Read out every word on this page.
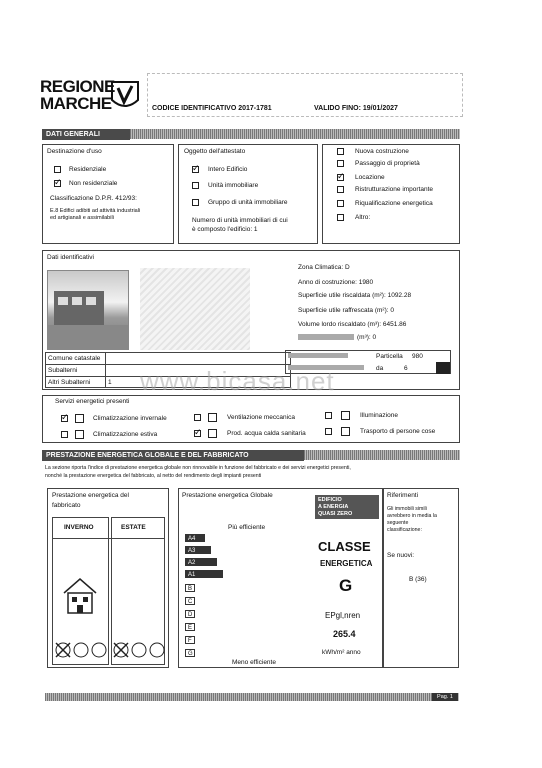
REGIONE
MARCHE	CODICE IDENTIFICATIVO 2017-1781	VALIDO FINO: 19/01/2027
DATI GENERALI
Destinazione d'uso
Residenziale
✓ Non residenziale
Classificazione D.P.R. 412/93:
E.8 Edifici adibiti ad attività industriali
ed artigianali e assimilabili
Oggetto dell'attestato
✓ Intero Edificio
Unità immobiliare
Gruppo di unità immobiliare
Numero di unità immobiliari di cui
è composto l'edificio: 1
Nuova costruzione
Passaggio di proprietà
✓ Locazione
Ristrutturazione importante
Riqualificazione energetica
Altro:
Dati identificativi
Zona Climatica: D
Anno di costruzione: 1980
Superficie utile riscaldata (m²): 1092.28
Superficie utile raffrescata (m²): 0
Volume lordo riscaldato (m³): 6451.86
(m³): 0
Comune catastale
Subalterni
Altri Subalterni	1
Particella 980
da	6
www.bicasa.net
Servizi energetici presenti
✓	Climatizzazione invernale
Climatizzazione estiva
Ventilazione meccanica
✓	Prod. acqua calda sanitaria
Illuminazione
Trasporto di persone cose
PRESTAZIONE ENERGETICA GLOBALE E DEL FABBRICATO
La sezione riporta l'indice di prestazione energetica globale non rinnovabile in funzione del fabbricato e dei servizi energetici presenti,
nonché la prestazione energetica del fabbricato, al netto del rendimento degli impianti presenti
Prestazione energetica del
fabbricato
INVERNO	ESTATE
Prestazione energetica Globale
Più efficiente
A4
A3
A2
A1
B
C
D
E
F
G
Meno efficiente
EDIFICIO
A ENERGIA
QUASI ZERO
CLASSE
ENERGETICA
G
EPgl,nren
265.4
kWh/m² anno
Riferimenti
Gli immobili simili
avrebbero in media la
seguente
classificazione:
Se nuovi:
B (36)
Pag. 1
